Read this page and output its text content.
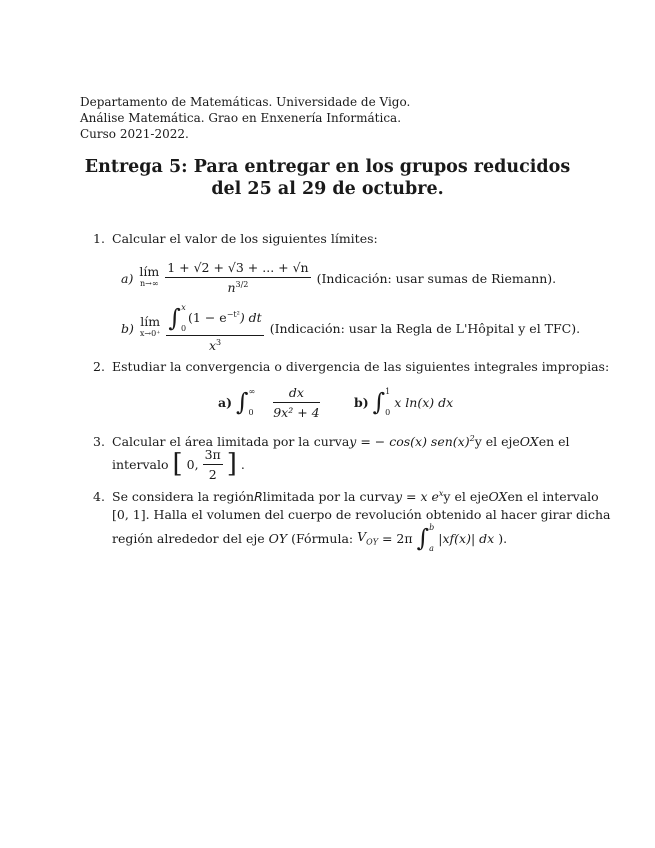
Departamento de Matemáticas. Universidade de Vigo.
Análise Matemática. Grao en Enxenería Informática.
Curso 2021-2022.
Entrega 5: Para entregar en los grupos reducidos
del 25 al 29 de octubre.
1. Calcular el valor de los siguientes límites:
a) lím
$n\to\infty \frac{1 + √2 + √3 + ... + √n}{n^{3/2}}$ (Indicación: usar sumas de Riemann).
b) lím
x→0⁺
∫ x
0
$(1 - e^{-t^2})$ dt
$x^3$
(Indicación: usar la Regla de L'Hôpital y el TFC).
2. Estudiar la convergencia o divergencia de las siguientes integrales impropias:
a) ∫ ∞
$0 \frac{dx}{\text{9x² + 4}}$	b) ∫ 1
0
x ln(x) dx
3. Calcular el área limitada por la curva y = − cos(x) $sen(x)^2$ y el eje OX en el
intervalo [ 0, $\frac{3\pi}{2}$ ] .
4. Se considera la región R limitada por la curva y = x $e^x$ y el eje OX en el intervalo
[0, 1]. Halla el volumen del cuerpo de revolución obtenido al hacer girar dicha
región alrededor del eje OY (Fórmula: $V_{OY} = 2\pi$ ∫ b
a
|xf(x)| dx ).
